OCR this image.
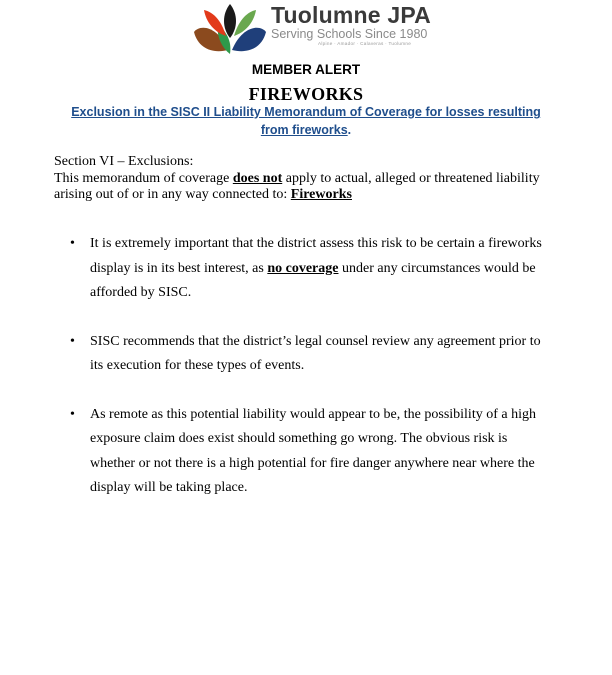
Tuolumne JPA
Serving Schools Since 1980
Alpine · Amador · Calaveras · Tuolumne
MEMBER ALERT
FIREWORKS
Exclusion in the SISC II Liability Memorandum of Coverage for losses resulting from fireworks.
Section VI – Exclusions:
This memorandum of coverage does not apply to actual, alleged or threatened liability arising out of or in any way connected to: Fireworks
• It is extremely important that the district assess this risk to be certain a fireworks display is in its best interest, as no coverage under any circumstances would be afforded by SISC.
• SISC recommends that the district’s legal counsel review any agreement prior to its execution for these types of events.
• As remote as this potential liability would appear to be, the possibility of a high exposure claim does exist should something go wrong. The obvious risk is whether or not there is a high potential for fire danger anywhere near where the display will be taking place.
